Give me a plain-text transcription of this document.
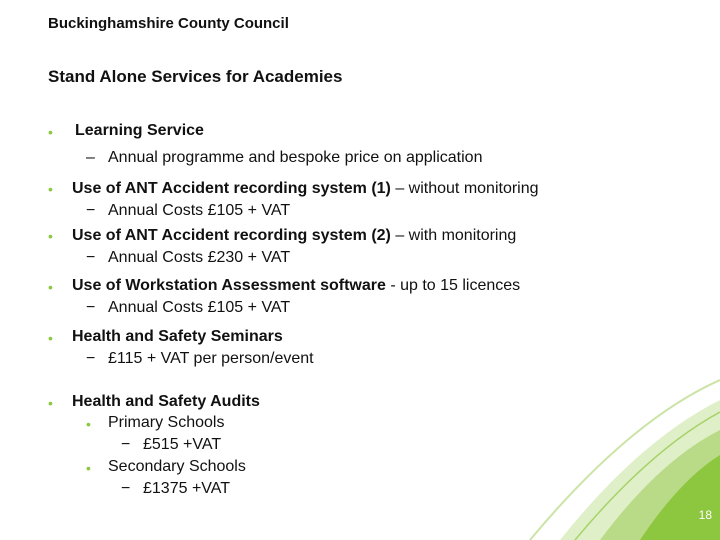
Buckinghamshire County Council
Stand Alone Services for Academies
• Learning Service
– Annual programme and bespoke price on application
• Use of ANT Accident recording system (1) – without monitoring
− Annual Costs £105 + VAT
• Use of ANT Accident recording system (2) – with monitoring
− Annual Costs £230 + VAT
• Use of Workstation Assessment software - up to 15 licences
− Annual Costs £105 + VAT
• Health and Safety Seminars
− £115 + VAT per person/event
• Health and Safety Audits
• Primary Schools
− £515 +VAT
• Secondary Schools
− £1375 +VAT
18
